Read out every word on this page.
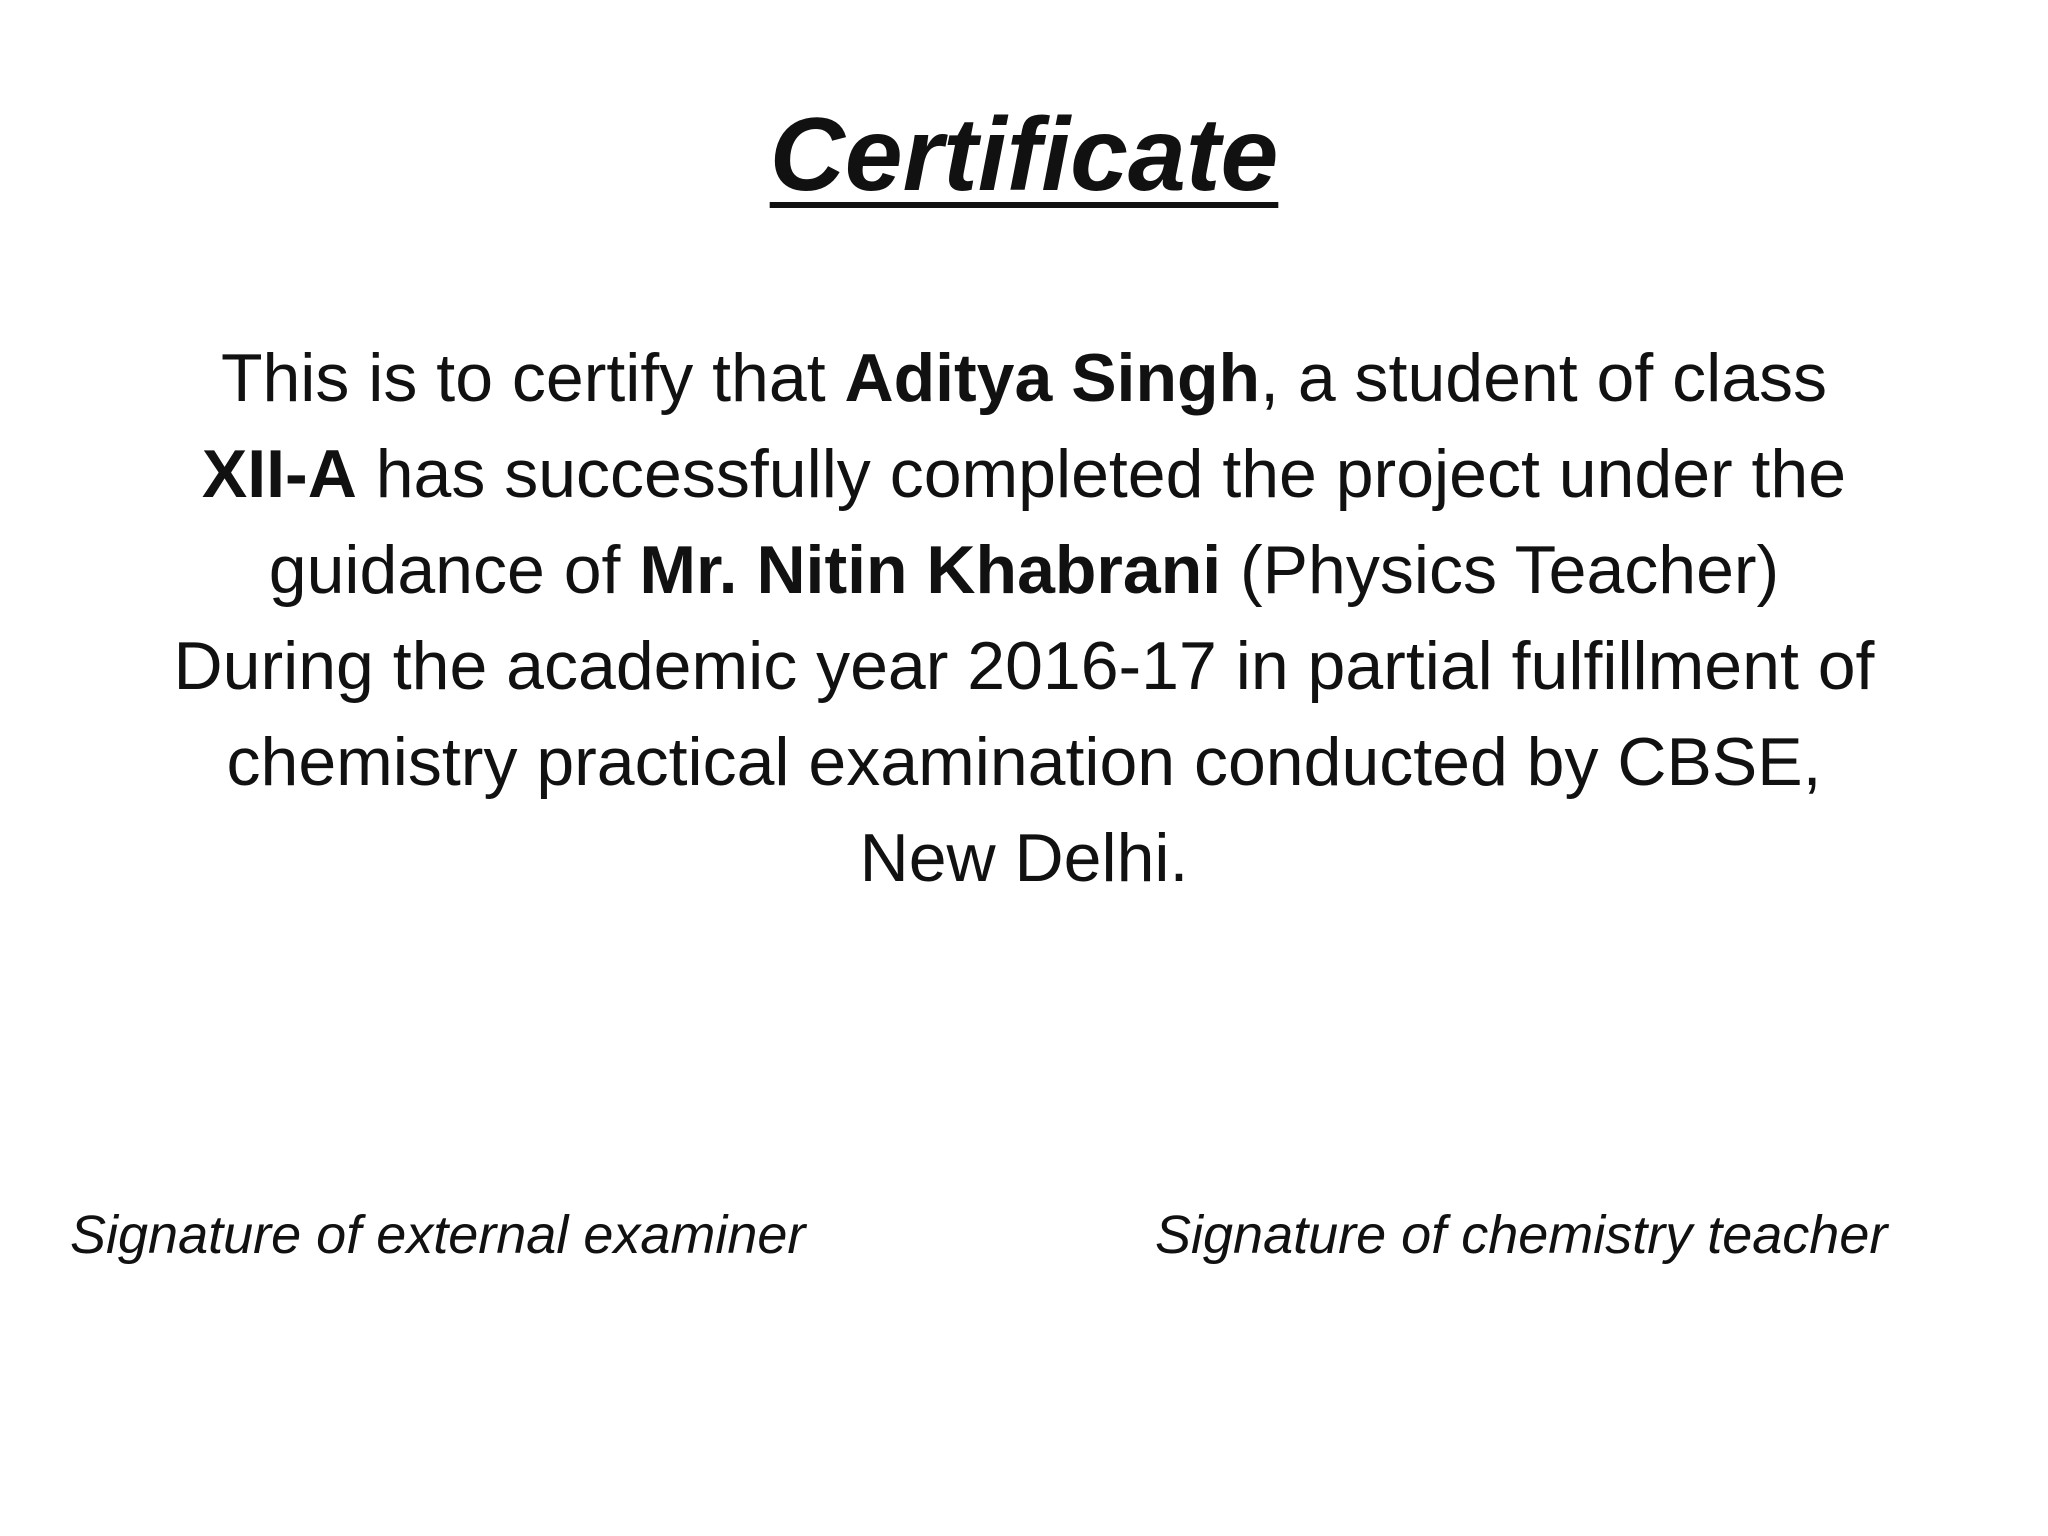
Certificate

This is to certify that Aditya Singh, a student of class
XII-A has successfully completed the project under the
guidance of Mr. Nitin Khabrani (Physics Teacher)
During the academic year 2016-17 in partial fulfillment of
chemistry practical examination conducted by CBSE,
New Delhi.

Signature of external examiner	Signature of chemistry teacher
